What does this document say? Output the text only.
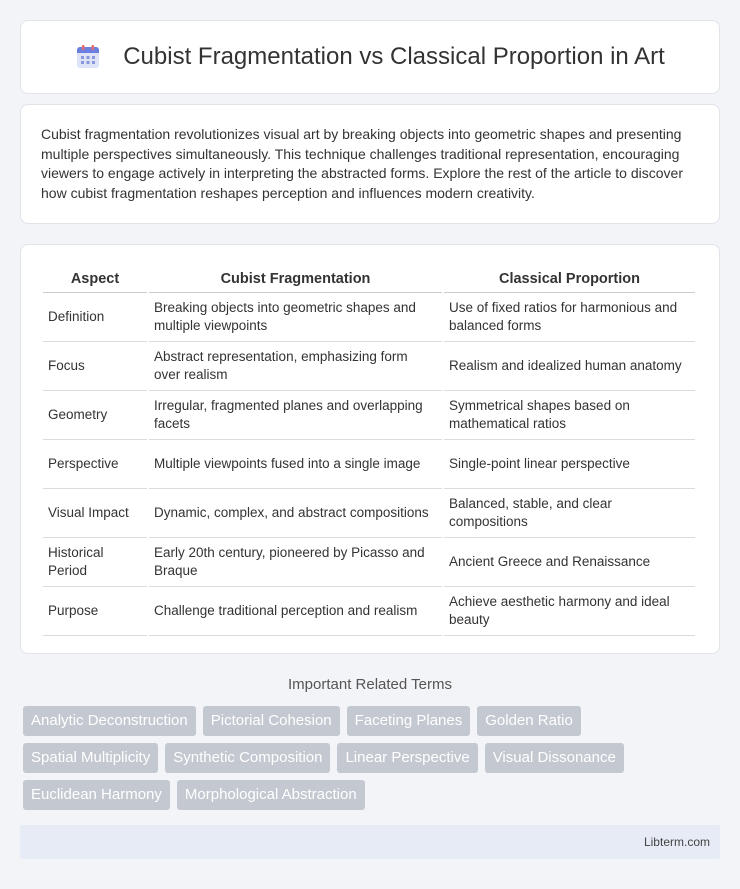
Cubist Fragmentation vs Classical Proportion in Art

Cubist fragmentation revolutionizes visual art by breaking objects into geometric shapes and presenting multiple perspectives simultaneously. This technique challenges traditional representation, encouraging viewers to engage actively in interpreting the abstracted forms. Explore the rest of the article to discover how cubist fragmentation reshapes perception and influences modern creativity.

Aspect	Cubist Fragmentation	Classical Proportion
Definition	Breaking objects into geometric shapes and multiple viewpoints	Use of fixed ratios for harmonious and balanced forms
Focus	Abstract representation, emphasizing form over realism	Realism and idealized human anatomy
Geometry	Irregular, fragmented planes and overlapping facets	Symmetrical shapes based on mathematical ratios
Perspective	Multiple viewpoints fused into a single image	Single-point linear perspective
Visual Impact	Dynamic, complex, and abstract compositions	Balanced, stable, and clear compositions
Historical Period	Early 20th century, pioneered by Picasso and Braque	Ancient Greece and Renaissance
Purpose	Challenge traditional perception and realism	Achieve aesthetic harmony and ideal beauty
Important Related Terms
Analytic Deconstruction	Pictorial Cohesion	Faceting Planes	Golden Ratio
Spatial Multiplicity	Synthetic Composition	Linear Perspective	Visual Dissonance
Euclidean Harmony	Morphological Abstraction
Libterm.com
